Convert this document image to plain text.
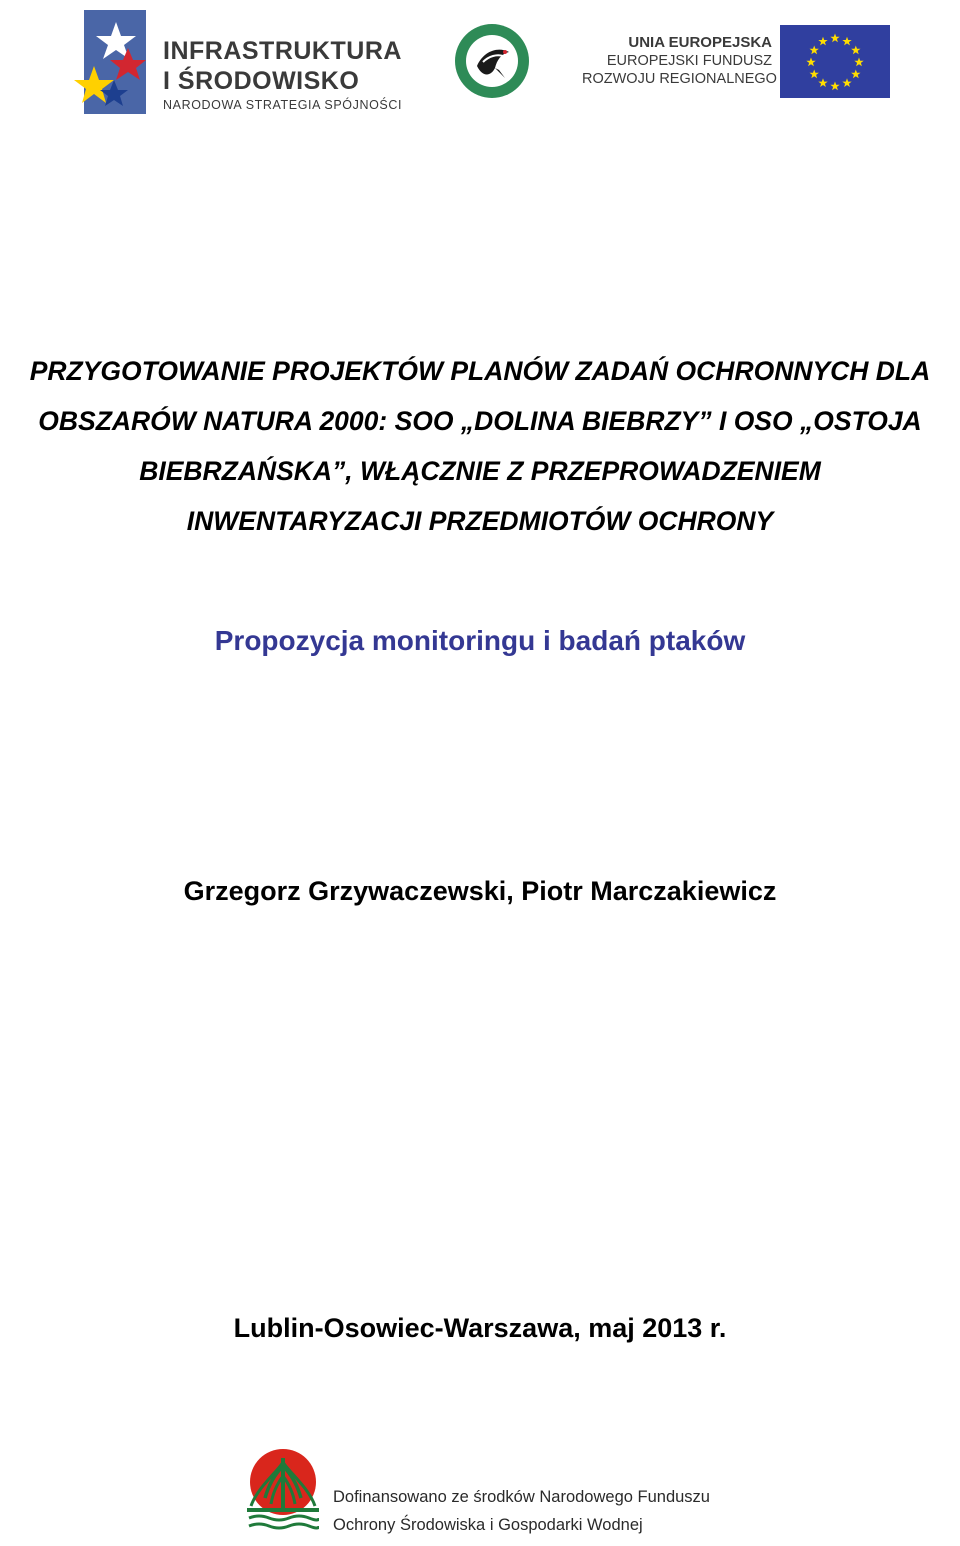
INFRASTRUKTURA
I ŚRODOWISKO
NARODOWA STRATEGIA SPÓJNOŚCI
UNIA EUROPEJSKA
EUROPEJSKI FUNDUSZ
ROZWOJU REGIONALNEGO
PRZYGOTOWANIE PROJEKTÓW PLANÓW ZADAŃ OCHRONNYCH DLA
OBSZARÓW NATURA 2000: SOO „DOLINA BIEBRZY” I OSO „OSTOJA
BIEBRZAŃSKA”, WŁĄCZNIE Z PRZEPROWADZENIEM
INWENTARYZACJI PRZEDMIOTÓW OCHRONY
Propozycja monitoringu i badań ptaków
Grzegorz Grzywaczewski, Piotr Marczakiewicz
Lublin-Osowiec-Warszawa, maj 2013 r.
Dofinansowano ze środków Narodowego Funduszu
Ochrony Środowiska i Gospodarki Wodnej
